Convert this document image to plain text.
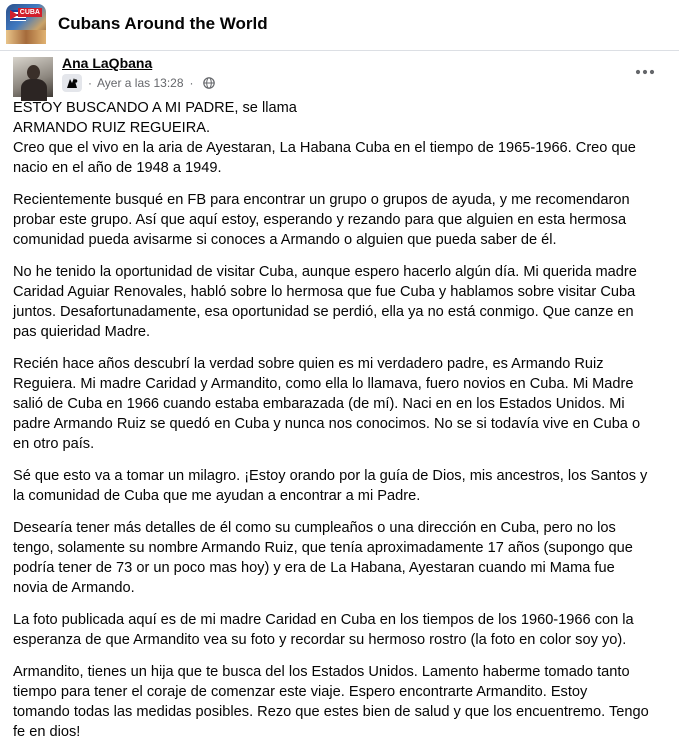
CUBA
Cubans Around the World
Ana LaQbana
· Ayer a las 13:28 ·

ESTOY BUSCANDO A MI PADRE, se llama
ARMANDO RUIZ REGUEIRA.
Creo que el vivo en la aria de Ayestaran, La Habana Cuba en el tiempo de 1965-1966. Creo que
nacio en el año de 1948 a 1949.

Recientemente busqué en FB para encontrar un grupo o grupos de ayuda, y me recomendaron
probar este grupo. Así que aquí estoy, esperando y rezando para que alguien en esta hermosa
comunidad pueda avisarme si conoces a Armando o alguien que pueda saber de él.

No he tenido la oportunidad de visitar Cuba, aunque espero hacerlo algún día. Mi querida madre
Caridad Aguiar Renovales, habló sobre lo hermosa que fue Cuba y hablamos sobre visitar Cuba
juntos. Desafortunadamente, esa oportunidad se perdió, ella ya no está conmigo. Que canze en
pas quieridad Madre.

Recién hace años descubrí la verdad sobre quien es mi verdadero padre, es Armando Ruiz
Reguiera. Mi madre Caridad y Armandito, como ella lo llamava, fuero novios en Cuba. Mi Madre
salió de Cuba en 1966 cuando estaba embarazada (de mí). Naci en en los Estados Unidos. Mi
padre Armando Ruiz se quedó en Cuba y nunca nos conocimos. No se si todavía vive en Cuba o
en otro país.

Sé que esto va a tomar un milagro. ¡Estoy orando por la guía de Dios, mis ancestros, los Santos y
la comunidad de Cuba que me ayudan a encontrar a mi Padre.

Desearía tener más detalles de él como su cumpleaños o una dirección en Cuba, pero no los
tengo, solamente su nombre Armando Ruiz, que tenía aproximadamente 17 años (supongo que
podría tener de 73 or un poco mas hoy) y era de La Habana, Ayestaran cuando mi Mama fue
novia de Armando.

La foto publicada aquí es de mi madre Caridad en Cuba en los tiempos de los 1960-1966 con la
esperanza de que Armandito vea su foto y recordar su hermoso rostro (la foto en color soy yo).

Armandito, tienes un hija que te busca del los Estados Unidos. Lamento haberme tomado tanto
tiempo para tener el coraje de comenzar este viaje. Espero encontrarte Armandito. Estoy
tomando todas las medidas posibles. Rezo que estes bien de salud y que los encuentremo. Tengo
fe en dios!
